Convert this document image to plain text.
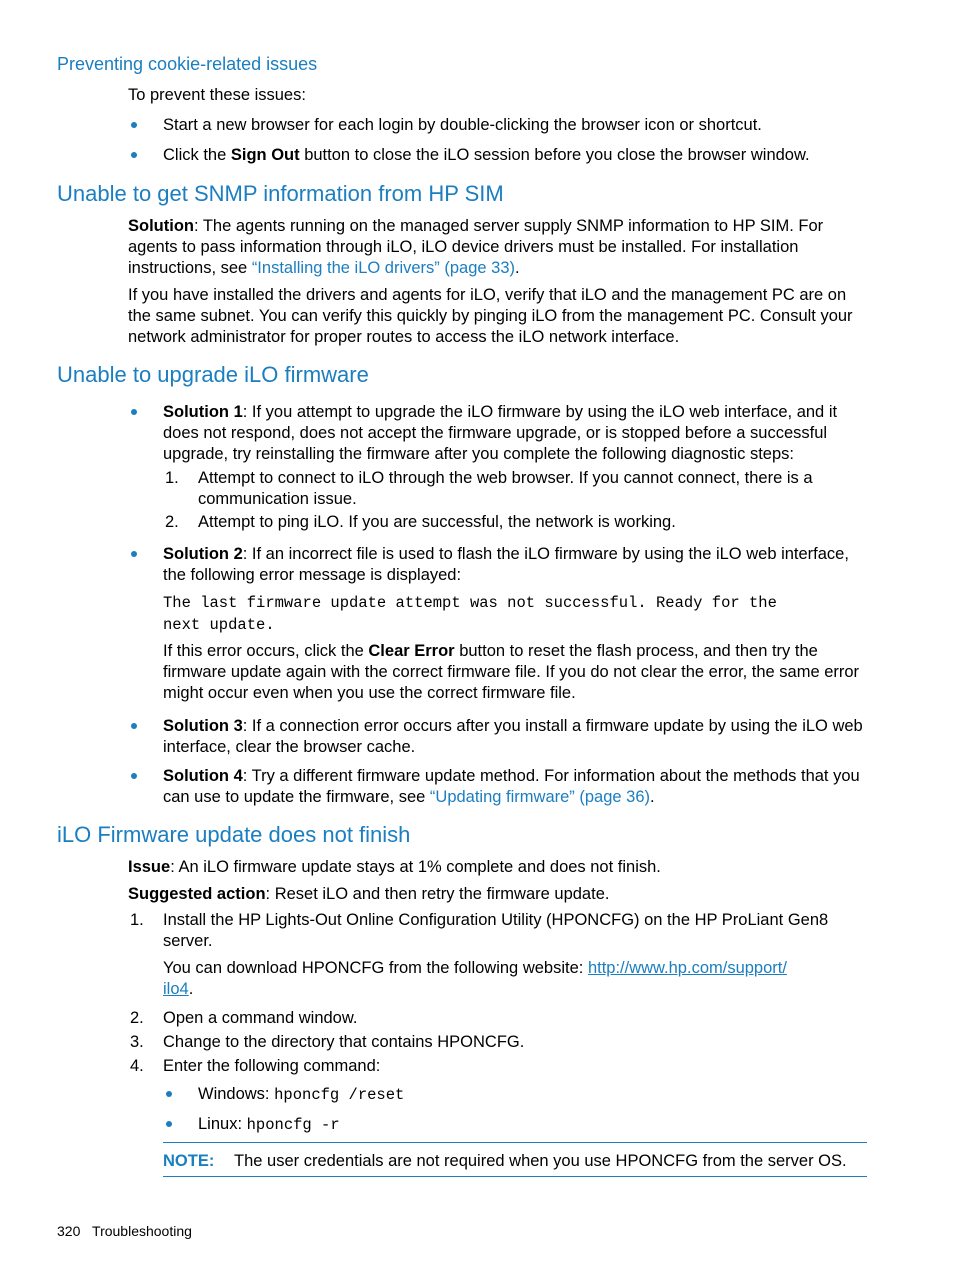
Preventing cookie-related issues
To prevent these issues:
Start a new browser for each login by double-clicking the browser icon or shortcut.
Click the Sign Out button to close the iLO session before you close the browser window.
Unable to get SNMP information from HP SIM
Solution: The agents running on the managed server supply SNMP information to HP SIM. For agents to pass information through iLO, iLO device drivers must be installed. For installation instructions, see “Installing the iLO drivers” (page 33).
If you have installed the drivers and agents for iLO, verify that iLO and the management PC are on the same subnet. You can verify this quickly by pinging iLO from the management PC. Consult your network administrator for proper routes to access the iLO network interface.
Unable to upgrade iLO firmware
Solution 1: If you attempt to upgrade the iLO firmware by using the iLO web interface, and it does not respond, does not accept the firmware upgrade, or is stopped before a successful upgrade, try reinstalling the firmware after you complete the following diagnostic steps:
1. Attempt to connect to iLO through the web browser. If you cannot connect, there is a communication issue.
2. Attempt to ping iLO. If you are successful, the network is working.
Solution 2: If an incorrect file is used to flash the iLO firmware by using the iLO web interface, the following error message is displayed:
The last firmware update attempt was not successful. Ready for the
next update.
If this error occurs, click the Clear Error button to reset the flash process, and then try the firmware update again with the correct firmware file. If you do not clear the error, the same error might occur even when you use the correct firmware file.
Solution 3: If a connection error occurs after you install a firmware update by using the iLO web interface, clear the browser cache.
Solution 4: Try a different firmware update method. For information about the methods that you can use to update the firmware, see “Updating firmware” (page 36).
iLO Firmware update does not finish
Issue: An iLO firmware update stays at 1% complete and does not finish.
Suggested action: Reset iLO and then retry the firmware update.
1. Install the HP Lights-Out Online Configuration Utility (HPONCFG) on the HP ProLiant Gen8 server.
You can download HPONCFG from the following website: http://www.hp.com/support/
ilo4.
2. Open a command window.
3. Change to the directory that contains HPONCFG.
4. Enter the following command:
Windows: hponcfg /reset
Linux: hponcfg -r
NOTE: The user credentials are not required when you use HPONCFG from the server OS.
320 Troubleshooting
